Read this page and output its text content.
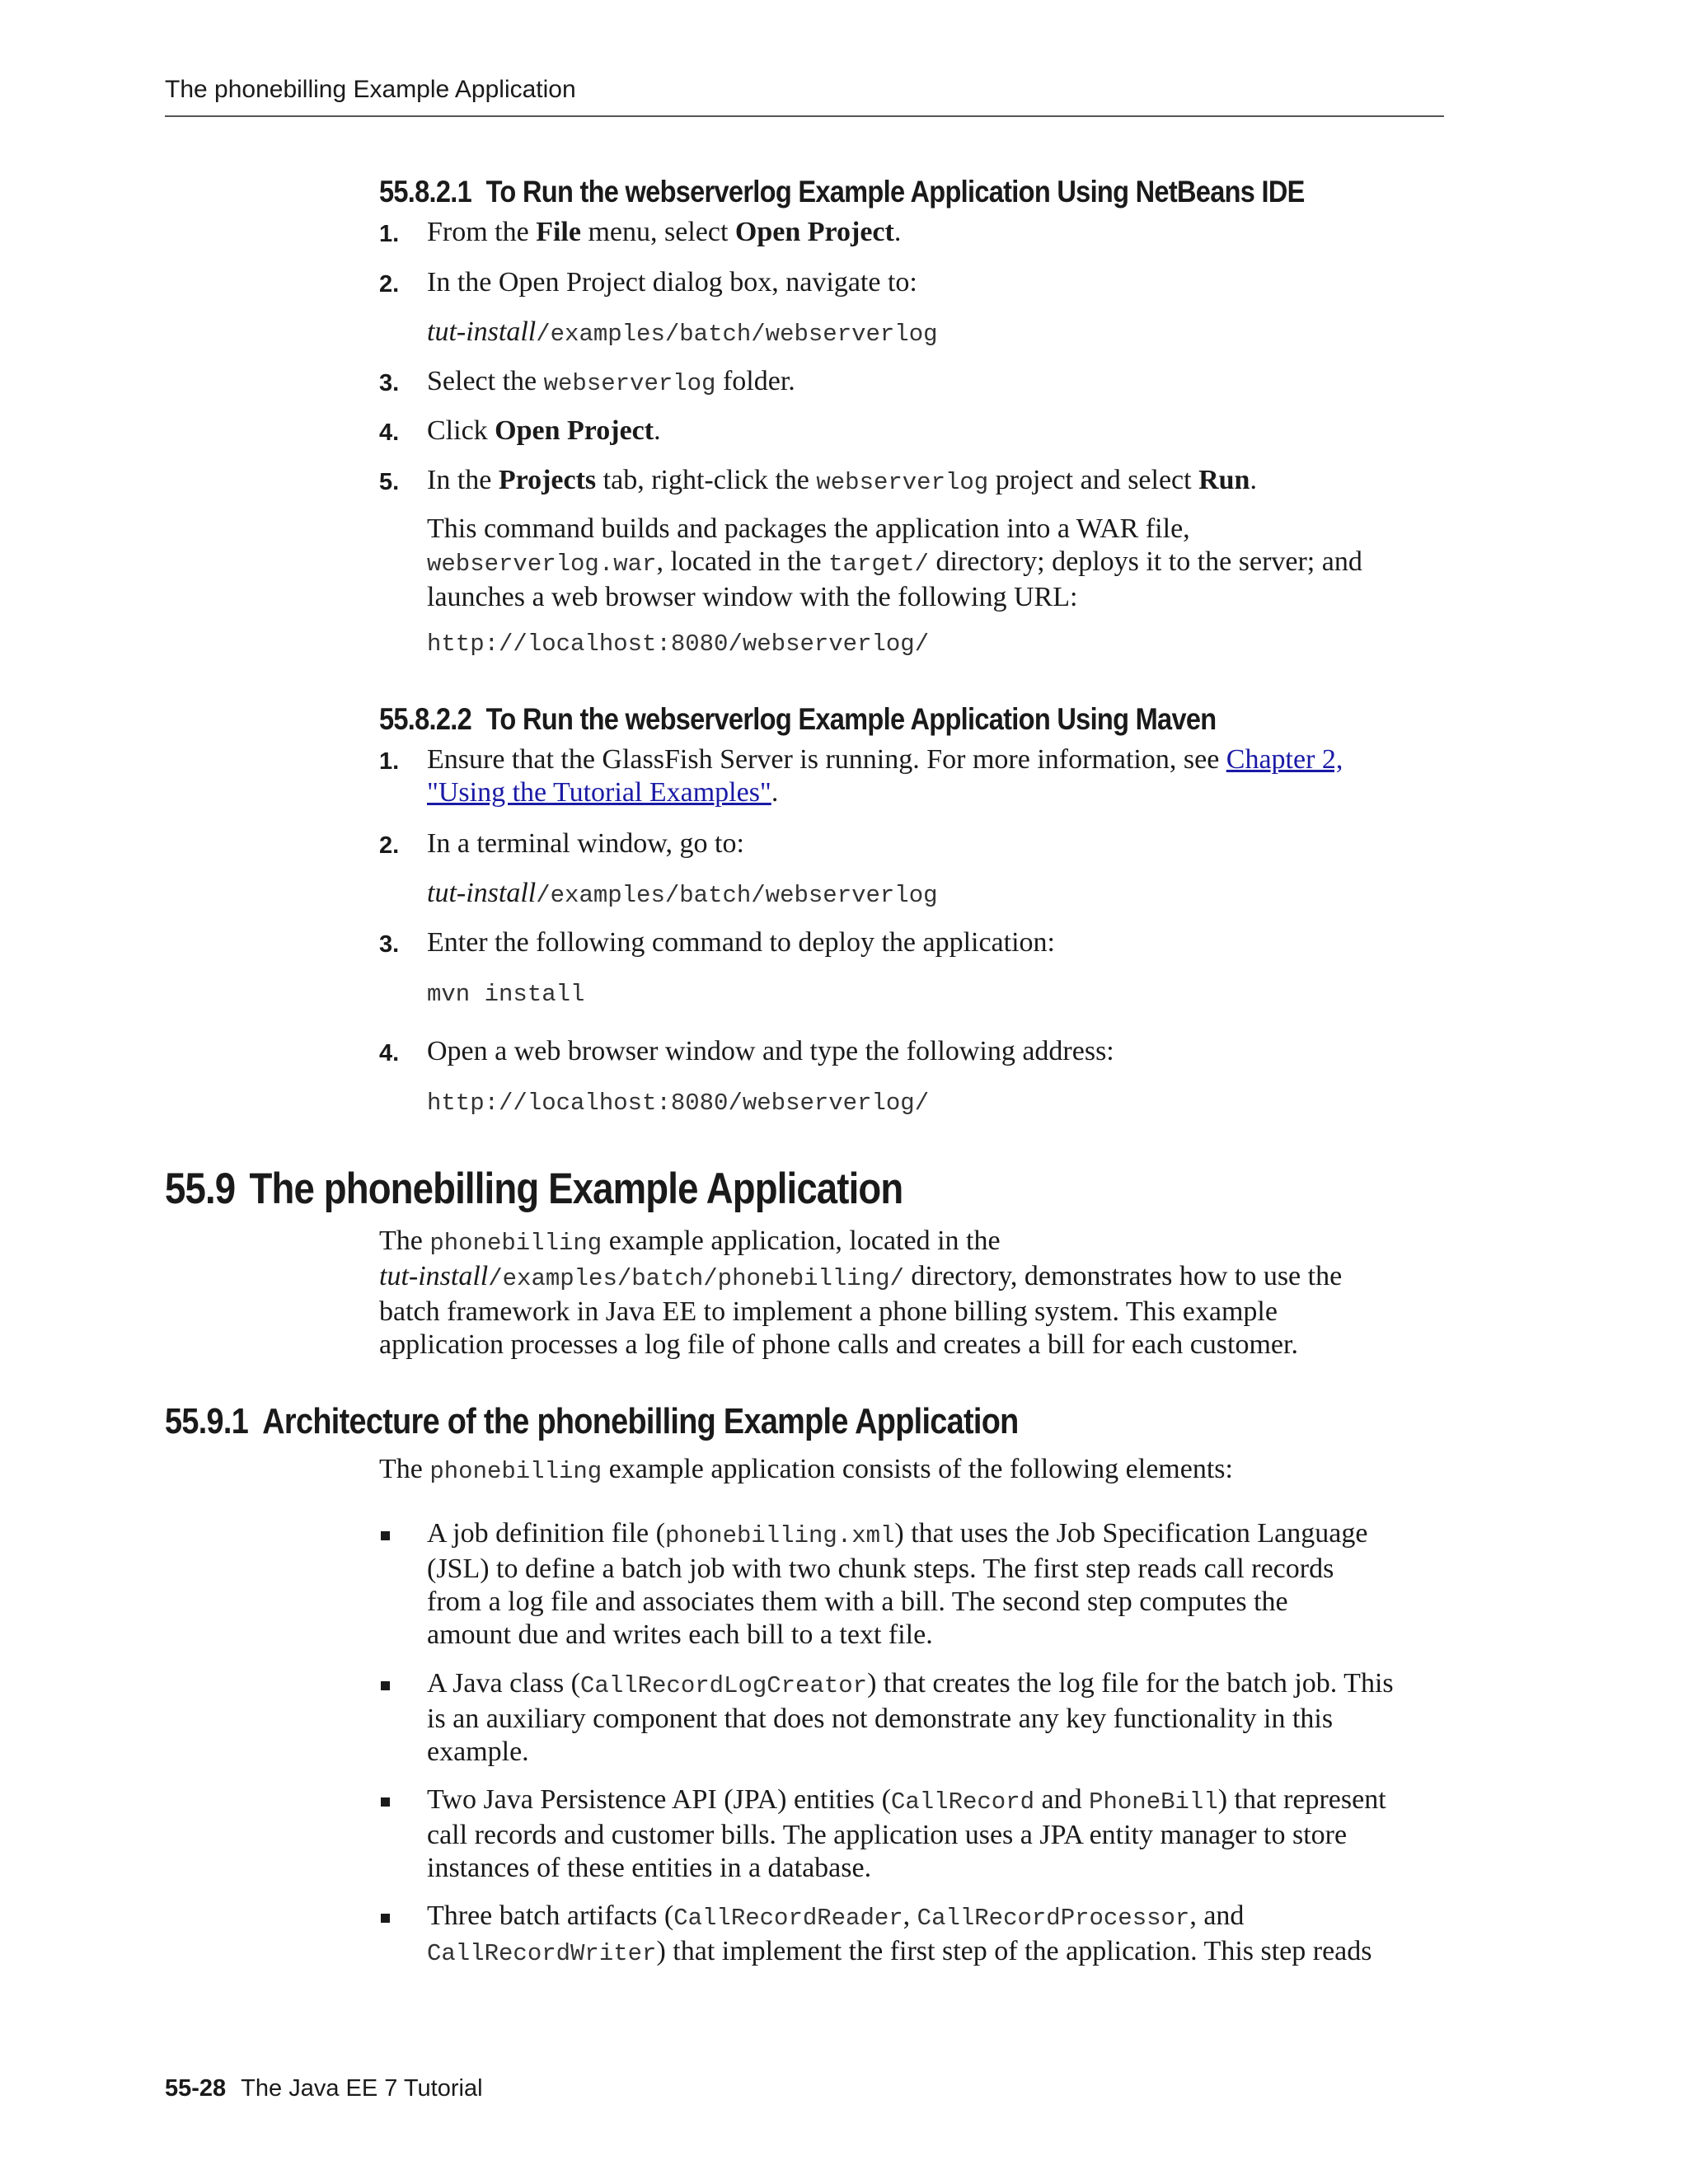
The phonebilling Example Application
55.8.2.1 To Run the webserverlog Example Application Using NetBeans IDE
1. From the File menu, select Open Project.
2. In the Open Project dialog box, navigate to:
tut-install/examples/batch/webserverlog
3. Select the webserverlog folder.
4. Click Open Project.
5. In the Projects tab, right-click the webserverlog project and select Run.
This command builds and packages the application into a WAR file,
webserverlog.war, located in the target/ directory; deploys it to the server; and
launches a web browser window with the following URL:
http://localhost:8080/webserverlog/
55.8.2.2 To Run the webserverlog Example Application Using Maven
1. Ensure that the GlassFish Server is running. For more information, see Chapter 2,
"Using the Tutorial Examples".
2. In a terminal window, go to:
tut-install/examples/batch/webserverlog
3. Enter the following command to deploy the application:
mvn install
4. Open a web browser window and type the following address:
http://localhost:8080/webserverlog/
55.9 The phonebilling Example Application
The phonebilling example application, located in the
tut-install/examples/batch/phonebilling/ directory, demonstrates how to use the
batch framework in Java EE to implement a phone billing system. This example
application processes a log file of phone calls and creates a bill for each customer.
55.9.1 Architecture of the phonebilling Example Application
The phonebilling example application consists of the following elements:
A job definition file (phonebilling.xml) that uses the Job Specification Language
(JSL) to define a batch job with two chunk steps. The first step reads call records
from a log file and associates them with a bill. The second step computes the
amount due and writes each bill to a text file.
A Java class (CallRecordLogCreator) that creates the log file for the batch job. This
is an auxiliary component that does not demonstrate any key functionality in this
example.
Two Java Persistence API (JPA) entities (CallRecord and PhoneBill) that represent
call records and customer bills. The application uses a JPA entity manager to store
instances of these entities in a database.
Three batch artifacts (CallRecordReader, CallRecordProcessor, and
CallRecordWriter) that implement the first step of the application. This step reads
55-28 The Java EE 7 Tutorial
